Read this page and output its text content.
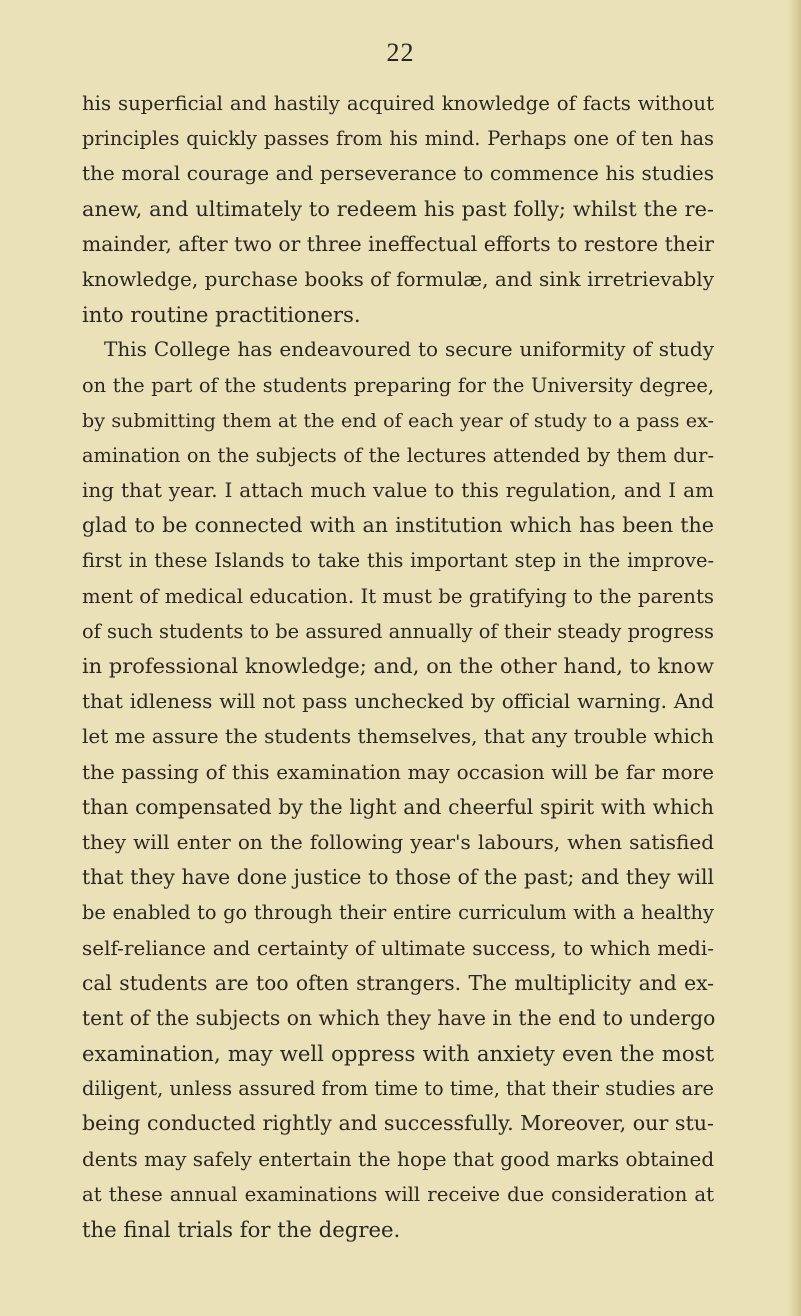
22
his superficial and hastily acquired knowledge of facts without
principles quickly passes from his mind. Perhaps one of ten has
the moral courage and perseverance to commence his studies
anew, and ultimately to redeem his past folly; whilst the re-
mainder, after two or three ineffectual efforts to restore their
knowledge, purchase books of formulæ, and sink irretrievably
into routine practitioners.
This College has endeavoured to secure uniformity of study
on the part of the students preparing for the University degree,
by submitting them at the end of each year of study to a pass ex-
amination on the subjects of the lectures attended by them dur-
ing that year. I attach much value to this regulation, and I am
glad to be connected with an institution which has been the
first in these Islands to take this important step in the improve-
ment of medical education. It must be gratifying to the parents
of such students to be assured annually of their steady progress
in professional knowledge; and, on the other hand, to know
that idleness will not pass unchecked by official warning. And
let me assure the students themselves, that any trouble which
the passing of this examination may occasion will be far more
than compensated by the light and cheerful spirit with which
they will enter on the following year's labours, when satisfied
that they have done justice to those of the past; and they will
be enabled to go through their entire curriculum with a healthy
self-reliance and certainty of ultimate success, to which medi-
cal students are too often strangers. The multiplicity and ex-
tent of the subjects on which they have in the end to undergo
examination, may well oppress with anxiety even the most
diligent, unless assured from time to time, that their studies are
being conducted rightly and successfully. Moreover, our stu-
dents may safely entertain the hope that good marks obtained
at these annual examinations will receive due consideration at
the final trials for the degree.
